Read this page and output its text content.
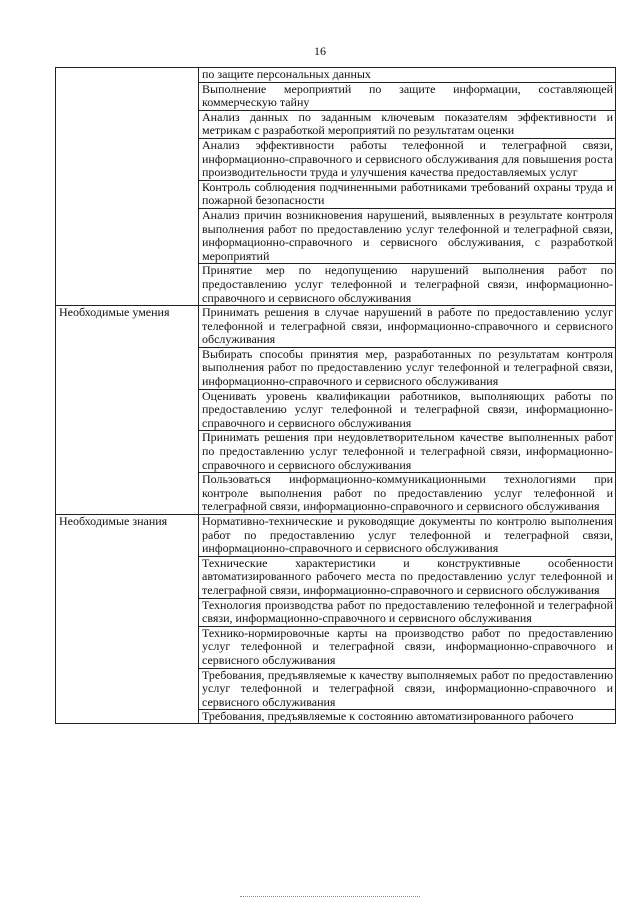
16
	по защите персональных данных
	Выполнение мероприятий по защите информации, составляющей коммерческую тайну
	Анализ данных по заданным ключевым показателям эффективности и метрикам с разработкой мероприятий по результатам оценки
	Анализ эффективности работы телефонной и телеграфной связи, информационно-справочного и сервисного обслуживания для повышения роста производительности труда и улучшения качества предоставляемых услуг
	Контроль соблюдения подчиненными работниками требований охраны труда и пожарной безопасности
	Анализ причин возникновения нарушений, выявленных в результате контроля выполнения работ по предоставлению услуг телефонной и телеграфной связи, информационно-справочного и сервисного обслуживания, с разработкой мероприятий
	Принятие мер по недопущению нарушений выполнения работ по предоставлению услуг телефонной и телеграфной связи, информационно-справочного и сервисного обслуживания
Необходимые умения	Принимать решения в случае нарушений в работе по предоставлению услуг телефонной и телеграфной связи, информационно-справочного и сервисного обслуживания
	Выбирать способы принятия мер, разработанных по результатам контроля выполнения работ по предоставлению услуг телефонной и телеграфной связи, информационно-справочного и сервисного обслуживания
	Оценивать уровень квалификации работников, выполняющих работы по предоставлению услуг телефонной и телеграфной связи, информационно-справочного и сервисного обслуживания
	Принимать решения при неудовлетворительном качестве выполненных работ по предоставлению услуг телефонной и телеграфной связи, информационно-справочного и сервисного обслуживания
	Пользоваться информационно-коммуникационными технологиями при контроле выполнения работ по предоставлению услуг телефонной и телеграфной связи, информационно-справочного и сервисного обслуживания
Необходимые знания	Нормативно-технические и руководящие документы по контролю выполнения работ по предоставлению услуг телефонной и телеграфной связи, информационно-справочного и сервисного обслуживания
	Технические характеристики и конструктивные особенности автоматизированного рабочего места по предоставлению услуг телефонной и телеграфной связи, информационно-справочного и сервисного обслуживания
	Технология производства работ по предоставлению телефонной и телеграфной связи, информационно-справочного и сервисного обслуживания
	Технико-нормировочные карты на производство работ по предоставлению услуг телефонной и телеграфной связи, информационно-справочного и сервисного обслуживания
	Требования, предъявляемые к качеству выполняемых работ по предоставлению услуг телефонной и телеграфной связи, информационно-справочного и сервисного обслуживания

	Требования, предъявляемые к состоянию автоматизированного рабочего
